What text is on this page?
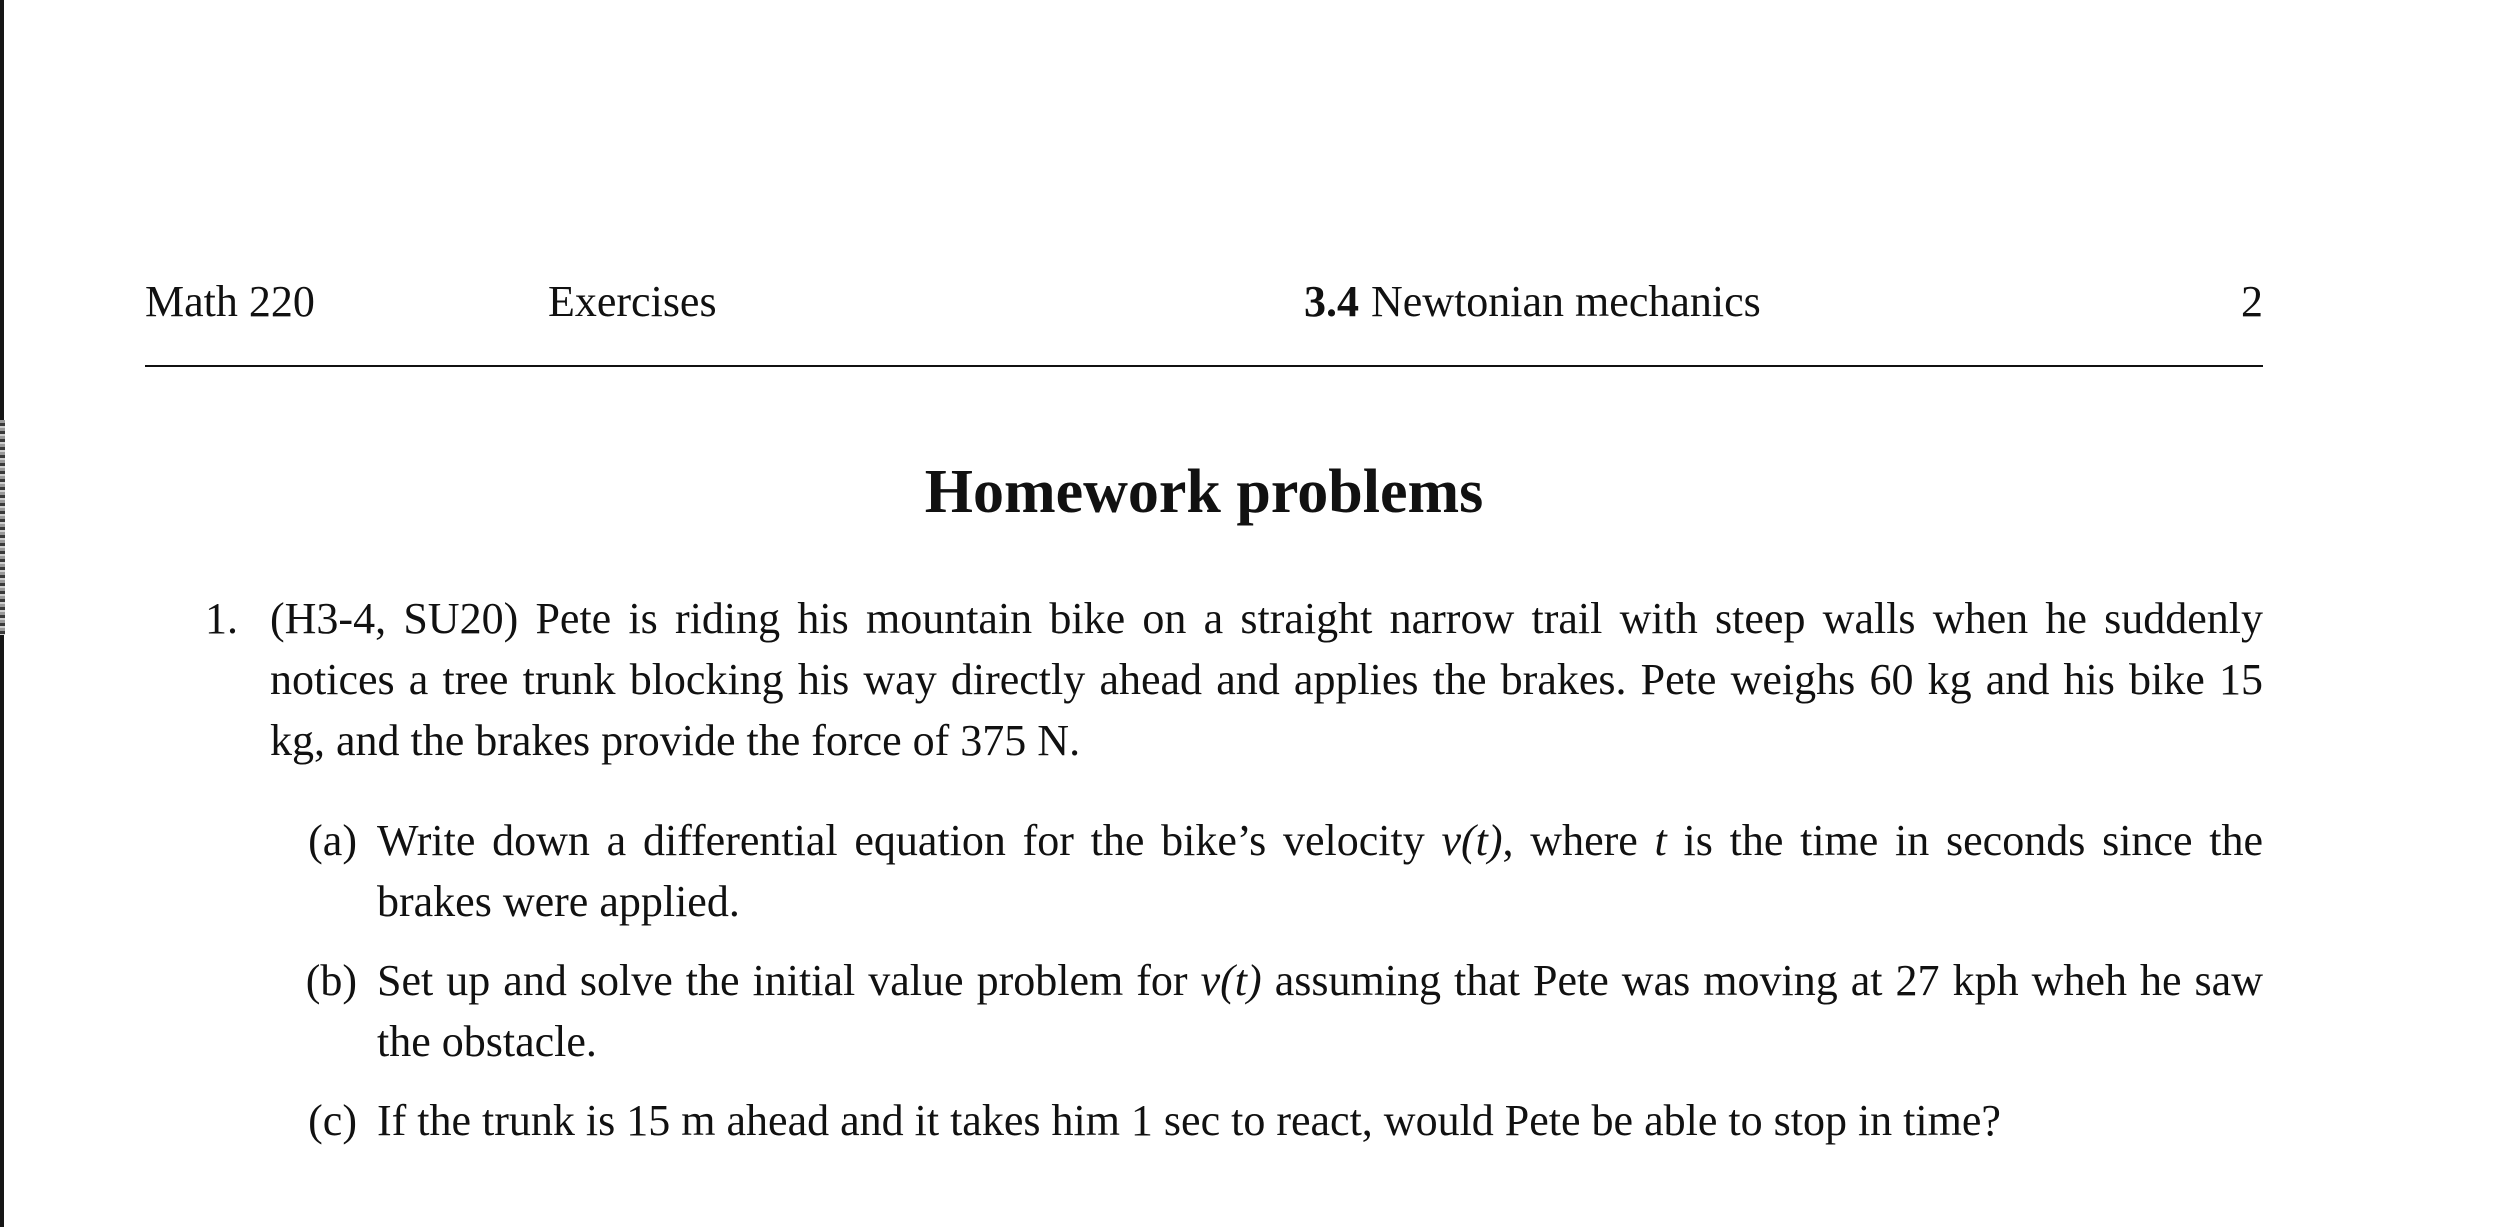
Math 220	Exercises	3.4 Newtonian mechanics	2
Homework problems
1. (H3-4, SU20) Pete is riding his mountain bike on a straight narrow trail with steep walls when he suddenly notices a tree trunk blocking his way directly ahead and applies the brakes. Pete weighs 60 kg and his bike 15 kg, and the brakes provide the force of 375 N.
(a) Write down a differential equation for the bike’s velocity v(t), where t is the time in seconds since the brakes were applied.
(b) Set up and solve the initial value problem for v(t) assuming that Pete was moving at 27 kph wheh he saw the obstacle.
(c) If the trunk is 15 m ahead and it takes him 1 sec to react, would Pete be able to stop in time?
